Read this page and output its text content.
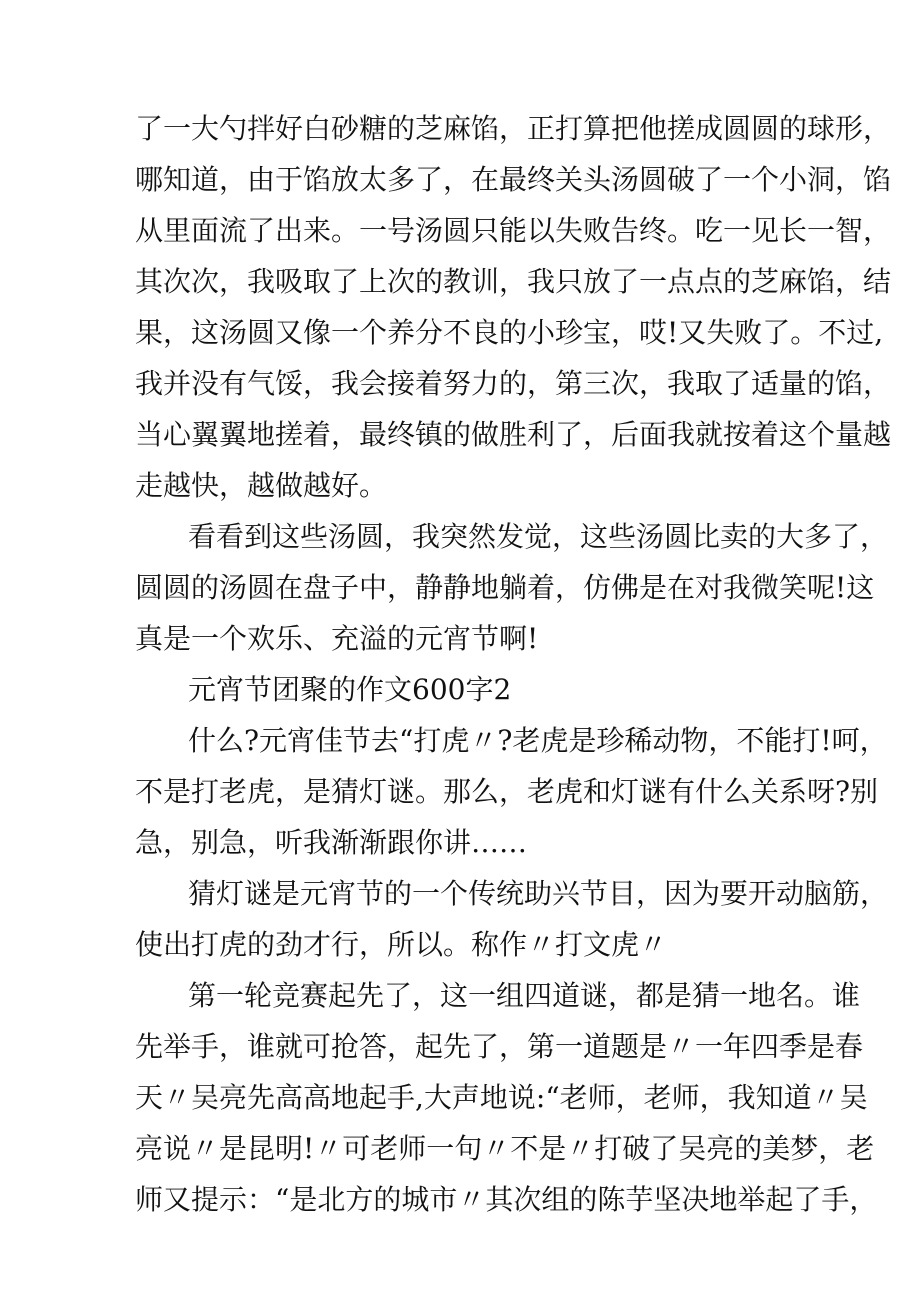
了一大勺拌好白砂糖的芝麻馅，正打算把他搓成圆圆的球形，
哪知道，由于馅放太多了，在最终关头汤圆破了一个小洞，馅
从里面流了出来。一号汤圆只能以失败告终。吃一见长一智，
其次次，我吸取了上次的教训，我只放了一点点的芝麻馅，结
果，这汤圆又像一个养分不良的小珍宝，哎!又失败了。不过,
我并没有气馁，我会接着努力的，第三次，我取了适量的馅，
当心翼翼地搓着，最终镇的做胜利了，后面我就按着这个量越
走越快，越做越好。
看看到这些汤圆，我突然发觉，这些汤圆比卖的大多了，
圆圆的汤圆在盘子中，静静地躺着，仿佛是在对我微笑呢!这
真是一个欢乐、充溢的元宵节啊!
元宵节团聚的作文600字2
什么?元宵佳节去“打虎〃?老虎是珍稀动物，不能打!呵，
不是打老虎，是猜灯谜。那么，老虎和灯谜有什么关系呀?别
急，别急，听我渐渐跟你讲……
猜灯谜是元宵节的一个传统助兴节目，因为要开动脑筋，
使出打虎的劲才行，所以。称作〃打文虎〃
第一轮竞赛起先了，这一组四道谜，都是猜一地名。谁
先举手，谁就可抢答，起先了，第一道题是〃一年四季是春
天〃吴亮先高高地起手,大声地说:“老师，老师，我知道〃吴
亮说〃是昆明!〃可老师一句〃不是〃打破了吴亮的美梦，老
师又提示：“是北方的城市〃其次组的陈芋坚决地举起了手，
